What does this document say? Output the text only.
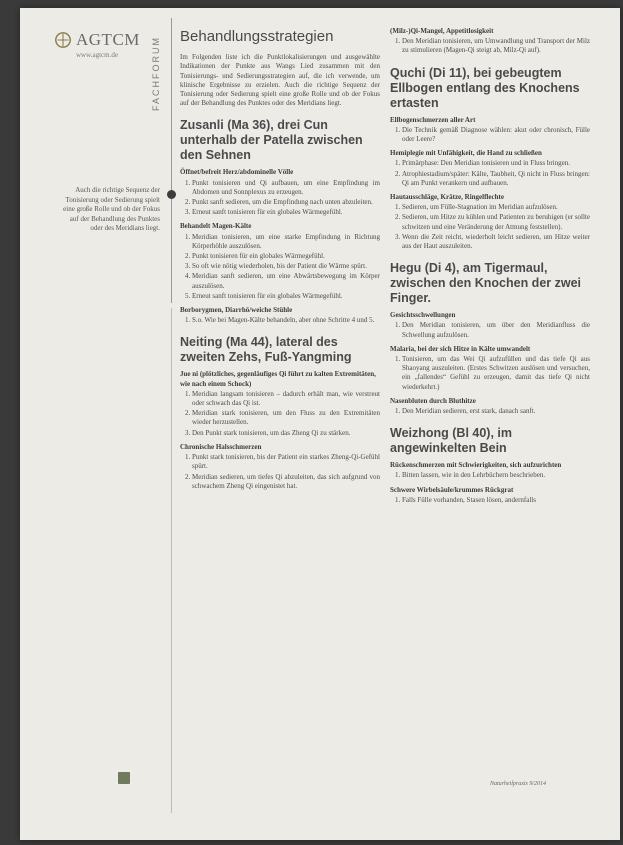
AGTCM
www.agtcm.de	FACHFORUM
Auch die richtige Sequenz der Tonisierung oder Sedierung spielt eine große Rolle und ob der Fokus auf der Behandlung des Punktes oder des Meridians liegt.
Behandlungsstrategien

Im Folgenden liste ich die Punktlokalisierungen und ausgewählte Indikationen der Punkte aus Wangs Lied zusammen mit den Tonisierungs- und Sedierungsstrategien auf, die ich verwende, um klinische Ergebnisse zu erzielen. Auch die richtige Sequenz der Tonisierung oder Sedierung spielt eine große Rolle und ob der Fokus auf der Behandlung des Punktes oder des Meridians liegt.

Zusanli (Ma 36), drei Cun unterhalb der Patella zwischen den Sehnen
Öffnet/befreit Herz/abdominelle Völle
1. Punkt tonisieren und Qi aufbauen, um eine Empfindung im Abdomen und Sonnplexus zu erzeugen.
2. Punkt sanft sedieren, um die Empfindung nach unten abzuleiten.
3. Erneut sanft tonisieren für ein globales Wärmegefühl.
Behandelt Magen-Kälte
1. Meridian tonisieren, um eine starke Empfindung in Richtung Körperhöhle auszulösen.
2. Punkt tonisieren für ein globales Wärmegefühl.
3. So oft wie nötig wiederholen, bis der Patient die Wärme spürt.
4. Meridian sanft sedieren, um eine Abwärtsbewegung im Körper auszulösen.
5. Erneut sanft tonisieren für ein globales Wärmegefühl.
Borborygmen, Diarrhö/weiche Stühle
1. S.o. Wie bei Magen-Kälte behandeln, aber ohne Schritte 4 und 5.
Neiting (Ma 44), lateral des zweiten Zehs, Fuß-Yangming
Jue ni (plötzliches, gegenläufiges Qi führt zu kalten Extremitäten, wie nach einem Schock)
1. Meridian langsam tonisieren – dadurch erhält man, wie verstreut oder schwach das Qi ist.
2. Meridian stark tonisieren, um den Fluss zu den Extremitäten wieder herzustellen.
3. Den Punkt stark tonisieren, um das Zheng Qi zu stärken.
Chronische Halsschmerzen
1. Punkt stark tonisieren, bis der Patient ein starkes Zheng-Qi-Gefühl spürt.
2. Meridian sedieren, um tiefes Qi abzuleiten, das sich aufgrund von schwachem Zheng Qi eingenistet hat.
(Milz-)Qi-Mangel, Appetitlosigkeit
1. Den Meridian tonisieren, um Umwandlung und Transport der Milz zu stimulieren (Magen-Qi steigt ab, Milz-Qi auf).
Quchi (Di 11), bei gebeugtem Ellbogen entlang des Knochens ertasten
Ellbogenschmerzen aller Art
1. Die Technik gemäß Diagnose wählen: akut oder chronisch, Fülle oder Leere?
Hemiplegie mit Unfähigkeit, die Hand zu schließen
1. Primärphase: Den Meridian tonisieren und in Fluss bringen.
2. Atrophiestadium/später: Kälte, Taubheit, Qi nicht in Fluss bringen: Qi am Punkt verankern und aufbauen.
Hautausschläge, Krätze, Ringelflechte
1. Sedieren, um Fülle-Stagnation im Meridian aufzulösen.
2. Sedieren, um Hitze zu kühlen und Patienten zu beruhigen (er sollte schwitzen und eine Veränderung der Atmung feststellen).
3. Wenn die Zeit reicht, wiederholt leicht sedieren, um Hitze weiter aus der Haut auszuleiten.
Hegu (Di 4), am Tigermaul, zwischen den Knochen der zwei Finger.
Gesichtsschwellungen
1. Den Meridian tonisieren, um über den Meridianfluss die Schwellung aufzulösen.
Malaria, bei der sich Hitze in Kälte umwandelt
1. Tonisieren, um das Wei Qi aufzufüllen und das tiefe Qi aus Shaoyang auszuleiten. (Erstes Schwitzen auslösen und versuchen, ein „fallendes“ Gefühl zu erzeugen, damit das tiefe Qi nicht wiederkehrt.)
Nasenbluten durch Bluthitze
1. Den Meridian sedieren, erst stark, danach sanft.
Weizhong (Bl 40), im angewinkelten Bein
Rückenschmerzen mit Schwierigkeiten, sich aufzurichten
1. Bitten lassen, wie in den Lehrbüchern beschrieben.
Schwere Wirbelsäule/krummes Rückgrat
1. Falls Fülle vorhanden, Stasen lösen, andernfalls
Naturheilpraxis 9/2014
